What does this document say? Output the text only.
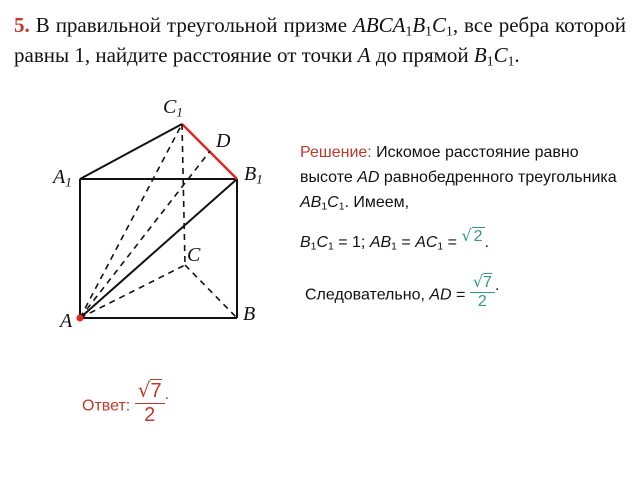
5. В правильной треугольной призме $ABCA_1B_1C_1$, все ребра которой равны 1, найдите расстояние от точки A до прямой $B_1C_1$.
$C_1$
D
$A_1$	$B_1$
C
A	B
Решение: Искомое расстояние равно высоте AD равнобедренного треугольника $AB_1C_1$. Имеем,
$B_1C_1 = 1$; $AB_1 = AC_1$ = √ 2 .
Следовательно, AD = $\frac{√7}{2}$ .
Ответ: $\frac{√7}{2}$ .
